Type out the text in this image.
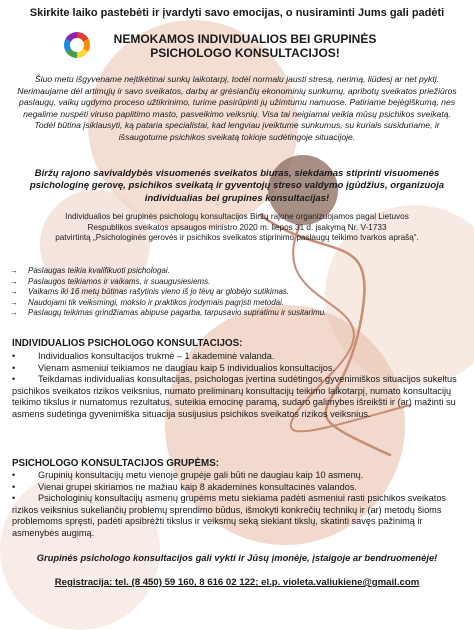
Skirkite laiko pastebėti ir įvardyti savo emocijas, o nusiraminti Jums gali padėti

NEMOKAMOS INDIVIDUALIOS BEI GRUPINĖS
PSICHOLOGO KONSULTACIJOS!

Šiuo metu išgyvename neįtikėtinai sunkų laikotarpį, todėl normalu jausti stresą, nerimą, liūdesį ar net pyktį. Nerimaujame dėl artimųjų ir savo sveikatos, darbų ar grėsiančių ekonominių sunkumų, apribotų sveikatos priežiūros paslaugų, vaikų ugdymo proceso užtikrinimo, turime pasirūpinti jų užimtumu namuose. Patiriame bejėgiškumą, nes negalime nuspėti viruso paplitimo masto, pasveikimo veiksnių. Visa tai neigiamai veikia mūsų psichikos sveikatą. Todėl būtina įsiklausyti, ką pataria specialistai, kad lengviau įveiktume sunkumus, su kuriais susiduriame, ir išsaugotume psichikos sveikatą tokioje sudėtingoje situacijoje.

Biržų rajono savivaldybės visuomenės sveikatos biuras, siekdamas stiprinti visuomenės psichologinę gerovę, psichikos sveikatą ir gyventojų streso valdymo įgūdžius, organizuoja individualias bei grupines konsultacijas!

Individualios bei grupinės psichologų konsultacijos Biržų rajone organizuojamos pagal Lietuvos
Respublikos sveikatos apsaugos ministro 2020 m. liepos 31 d. įsakymą Nr. V-1733
patvirtintą „Psichologinės gerovės ir psichikos sveikatos stiprinimo paslaugų teikimo tvarkos aprašą“.
→ Paslaugas teikia kvalifikuoti psichologai.
→ Paslaugos teikiamos ir vaikams, ir suaugusiesiems.
→ Vaikams iki 16 metų būtinas rašytinis vieno iš jo tėvų ar globėjo sutikimas.
→ Naudojami tik veiksmingi, mokslo ir praktikos įrodymais pagrįsti metodai.
→ Paslaugų teikimas grindžiamas abipuse pagarba, tarpusavio supratimu ir susitarimu.

INDIVIDUALIOS PSICHOLOGO KONSULTACIJOS:

• Individualios konsultacijos trukmė – 1 akademinė valanda.
• Vienam asmeniui teikiamos ne daugiau kaip 5 individualios konsultacijos.
• Teikdamas individualias konsultacijas, psichologas įvertina sudėtingos gyvenimiškos situacijos sukeltus psichikos sveikatos rizikos veiksnius, numato preliminarų konsultacijų teikimo laikotarpį, numato konsultacijų teikimo tikslus ir numatomus rezultatus, suteikia emocinę paramą, sudaro galimybes išreikšti ir (ar) mažinti su asmens sudėtinga gyvenimiška situacija susijusius psichikos sveikatos rizikos veiksnius.

PSICHOLOGO KONSULTACIJOS GRUPĖMS:

• Grupinių konsultacijų metu vienoje grupėje gali būti ne daugiau kaip 10 asmenų.
• Vienai grupei skiriamos ne mažiau kaip 8 akademinės konsultacinės valandos.
• Psichologinių konsultacijų asmenų grupėms metu siekiama padėti asmeniui rasti psichikos sveikatos rizikos veiksnius sukeliančių problemų sprendimo būdus, išmokyti konkrečių technikų ir (ar) metodų šioms problemoms spręsti, padėti apsibrėžti tikslus ir veiksmų seką siekiant tikslų, skatinti savęs pažinimą ir asmenybės augimą.

Grupinės psichologo konsultacijos gali vykti ir Jūsų įmonėje, įstaigoje ar bendruomenėje!

Registracija: tel. (8 450) 59 160, 8 616 02 122; el.p. violeta.valiukiene@gmail.com
